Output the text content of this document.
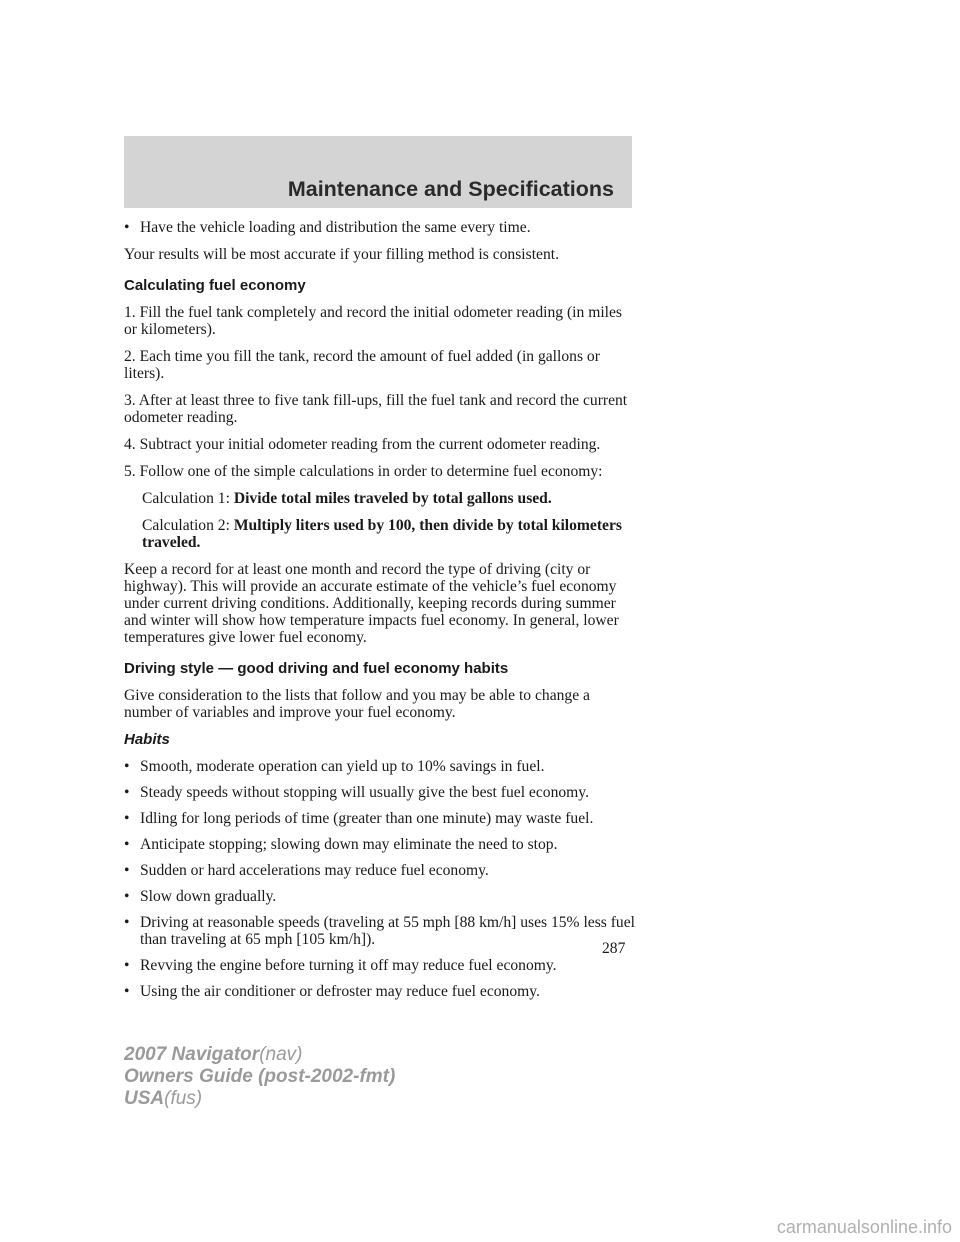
Maintenance and Specifications
• Have the vehicle loading and distribution the same every time.

Your results will be most accurate if your filling method is consistent.

Calculating fuel economy

1. Fill the fuel tank completely and record the initial odometer reading (in miles or kilometers).

2. Each time you fill the tank, record the amount of fuel added (in gallons or liters).

3. After at least three to five tank fill-ups, fill the fuel tank and record the current odometer reading.

4. Subtract your initial odometer reading from the current odometer reading.

5. Follow one of the simple calculations in order to determine fuel economy:

Calculation 1: Divide total miles traveled by total gallons used.

Calculation 2: Multiply liters used by 100, then divide by total kilometers traveled.

Keep a record for at least one month and record the type of driving (city or highway). This will provide an accurate estimate of the vehicle’s fuel economy under current driving conditions. Additionally, keeping records during summer and winter will show how temperature impacts fuel economy. In general, lower temperatures give lower fuel economy.

Driving style — good driving and fuel economy habits

Give consideration to the lists that follow and you may be able to change a number of variables and improve your fuel economy.

Habits

• Smooth, moderate operation can yield up to 10% savings in fuel.
• Steady speeds without stopping will usually give the best fuel economy.
• Idling for long periods of time (greater than one minute) may waste fuel.
• Anticipate stopping; slowing down may eliminate the need to stop.
• Sudden or hard accelerations may reduce fuel economy.
• Slow down gradually.
• Driving at reasonable speeds (traveling at 55 mph [88 km/h] uses 15% less fuel than traveling at 65 mph [105 km/h]).
• Revving the engine before turning it off may reduce fuel economy.
• Using the air conditioner or defroster may reduce fuel economy.
287
2007 Navigator(nav)
Owners Guide (post-2002-fmt)
USA(fus)
carmanualsonline.info
